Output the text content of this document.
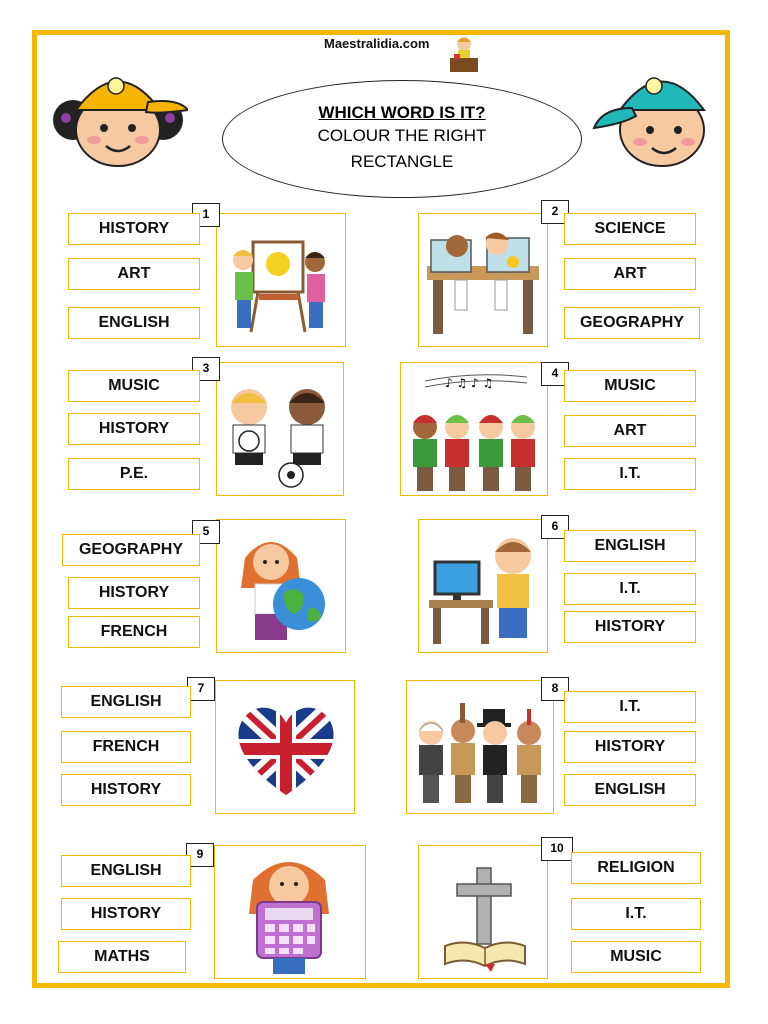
Maestralidia.com
WHICH WORD IS IT?
COLOUR THE RIGHT
RECTANGLE
1
HISTORY
ART
ENGLISH
2
SCIENCE
ART
GEOGRAPHY
3
MUSIC
HISTORY
P.E.
♪ ♫ ♪ ♫
4
MUSIC
ART
I.T.
5
GEOGRAPHY
HISTORY
FRENCH
6
ENGLISH
I.T.
HISTORY
7
ENGLISH
FRENCH
HISTORY
8
I.T.
HISTORY
ENGLISH
9
ENGLISH
HISTORY
MATHS
10
RELIGION
I.T.
MUSIC
